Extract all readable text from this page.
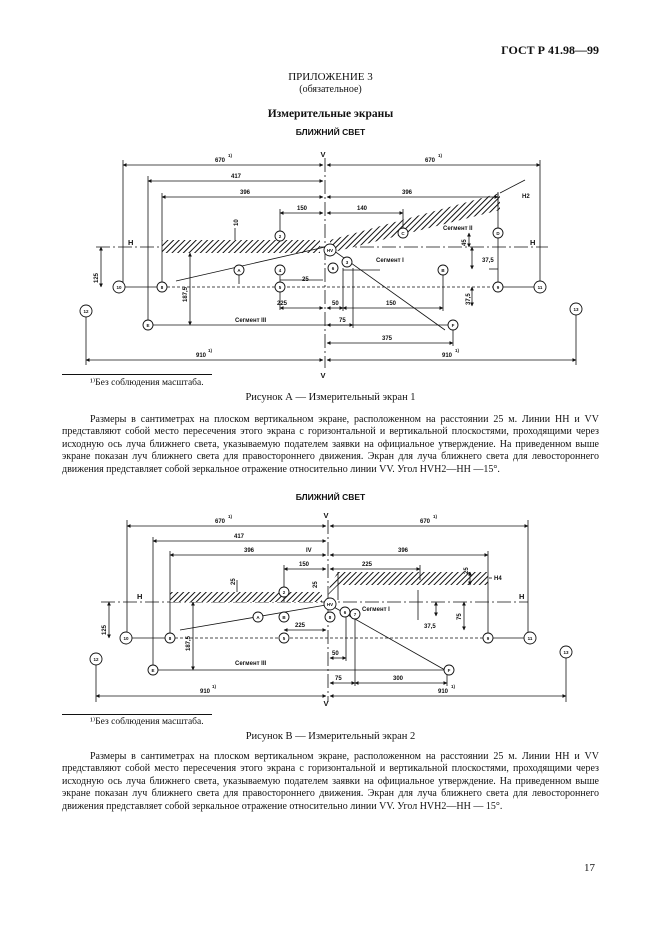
ГОСТ Р 41.98—99
ПРИЛОЖЕНИЕ 3
(обязательное)
Измерительные экраны
БЛИЖНИЙ СВЕТ
10	11
8	9
E	F
12	13
A	4
5
2
HV
3
6	B
C	D
V
V
H	H
H2
670
1)
670
1)
417
396	396
150	140
10
45
37,5
37,5
125
187,5
25
225	50	150
75
375
910
1)
910
1)
Сегмент I
Сегмент II
Сегмент III
¹⁾Без соблюдения масштаба.
Рисунок А — Измерительный экран 1

Размеры в сантиметрах на плоском вертикальном экране, расположенном на расстоянии 25 м. Линии HH и VV представляют собой место пересечения этого экрана с горизонтальной и вертикальной плоскостями, проходящими через исходную ось луча ближнего света, указываемую подателем заявки на официальное утверждение. На приведенном выше экране показан луч ближнего света для правостороннего движения. Экран для луча ближнего света для левостороннего движения представляет собой зеркальное отражение относительно линии VV. Угол HVH2—HH —15°.

БЛИЖНИЙ СВЕТ
10	11
8	9
E	F
12
13
A	B
5
2
HV
6
8
7
V
V
H	H
H4
IV
670
1)
670
1)
417
396	396
150	225
25	25
25
125
187,5
225	37,5
75
50
75	300
910
1)
910
1)
Сегмент I
Сегмент III
¹⁾Без соблюдения масштаба.
Рисунок В — Измерительный экран 2

Размеры в сантиметрах на плоском вертикальном экране, расположенном на расстоянии 25 м. Линии HH и VV представляют собой место пересечения этого экрана с горизонтальной и вертикальной плоскостями, проходящими через исходную ось луча ближнего света, указываемую подателем заявки на официальное утверждение. На приведенном выше экране показан луч ближнего света для правостороннего движения. Экран для луча ближнего света для левостороннего движения представляет собой зеркальное отражение относительно линии VV. Угол HVH2—HH — 15°.

17
